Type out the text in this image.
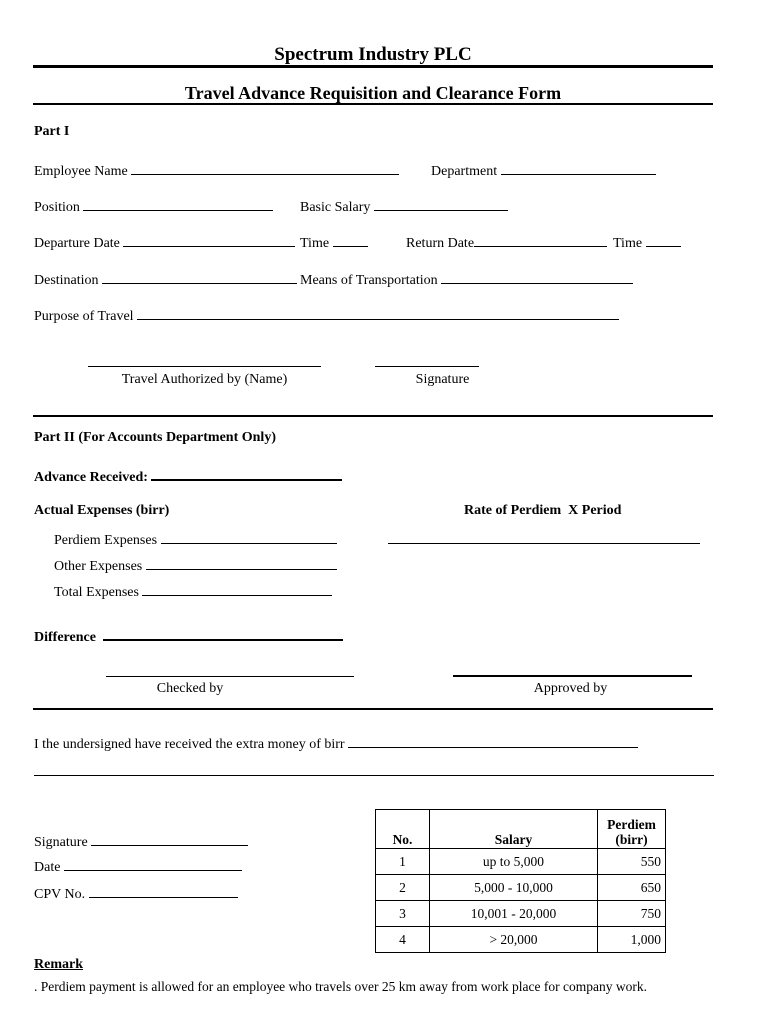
Spectrum Industry PLC
Travel Advance Requisition and Clearance Form
Part I
Employee Name	Department
Position	Basic Salary
Departure Date	Time	Return Date	Time
Destination	Means of Transportation
Purpose of Travel
Travel Authorized by (Name)	Signature
Part II (For Accounts Department Only)
Advance Received:
Actual Expenses (birr)	Rate of Perdiem  X Period
Perdiem Expenses
Other Expenses
Total Expenses
Difference
Checked by	Approved by
I the undersigned have received the extra money of birr
Signature
Date
CPV No.
No.	Salary	Perdiem
(birr)
1	up to 5,000	550
2	5,000 - 10,000	650
3	10,001 - 20,000	750
4	> 20,000	1,000
Remark
. Perdiem payment is allowed for an employee who travels over 25 km away from work place for company work.
